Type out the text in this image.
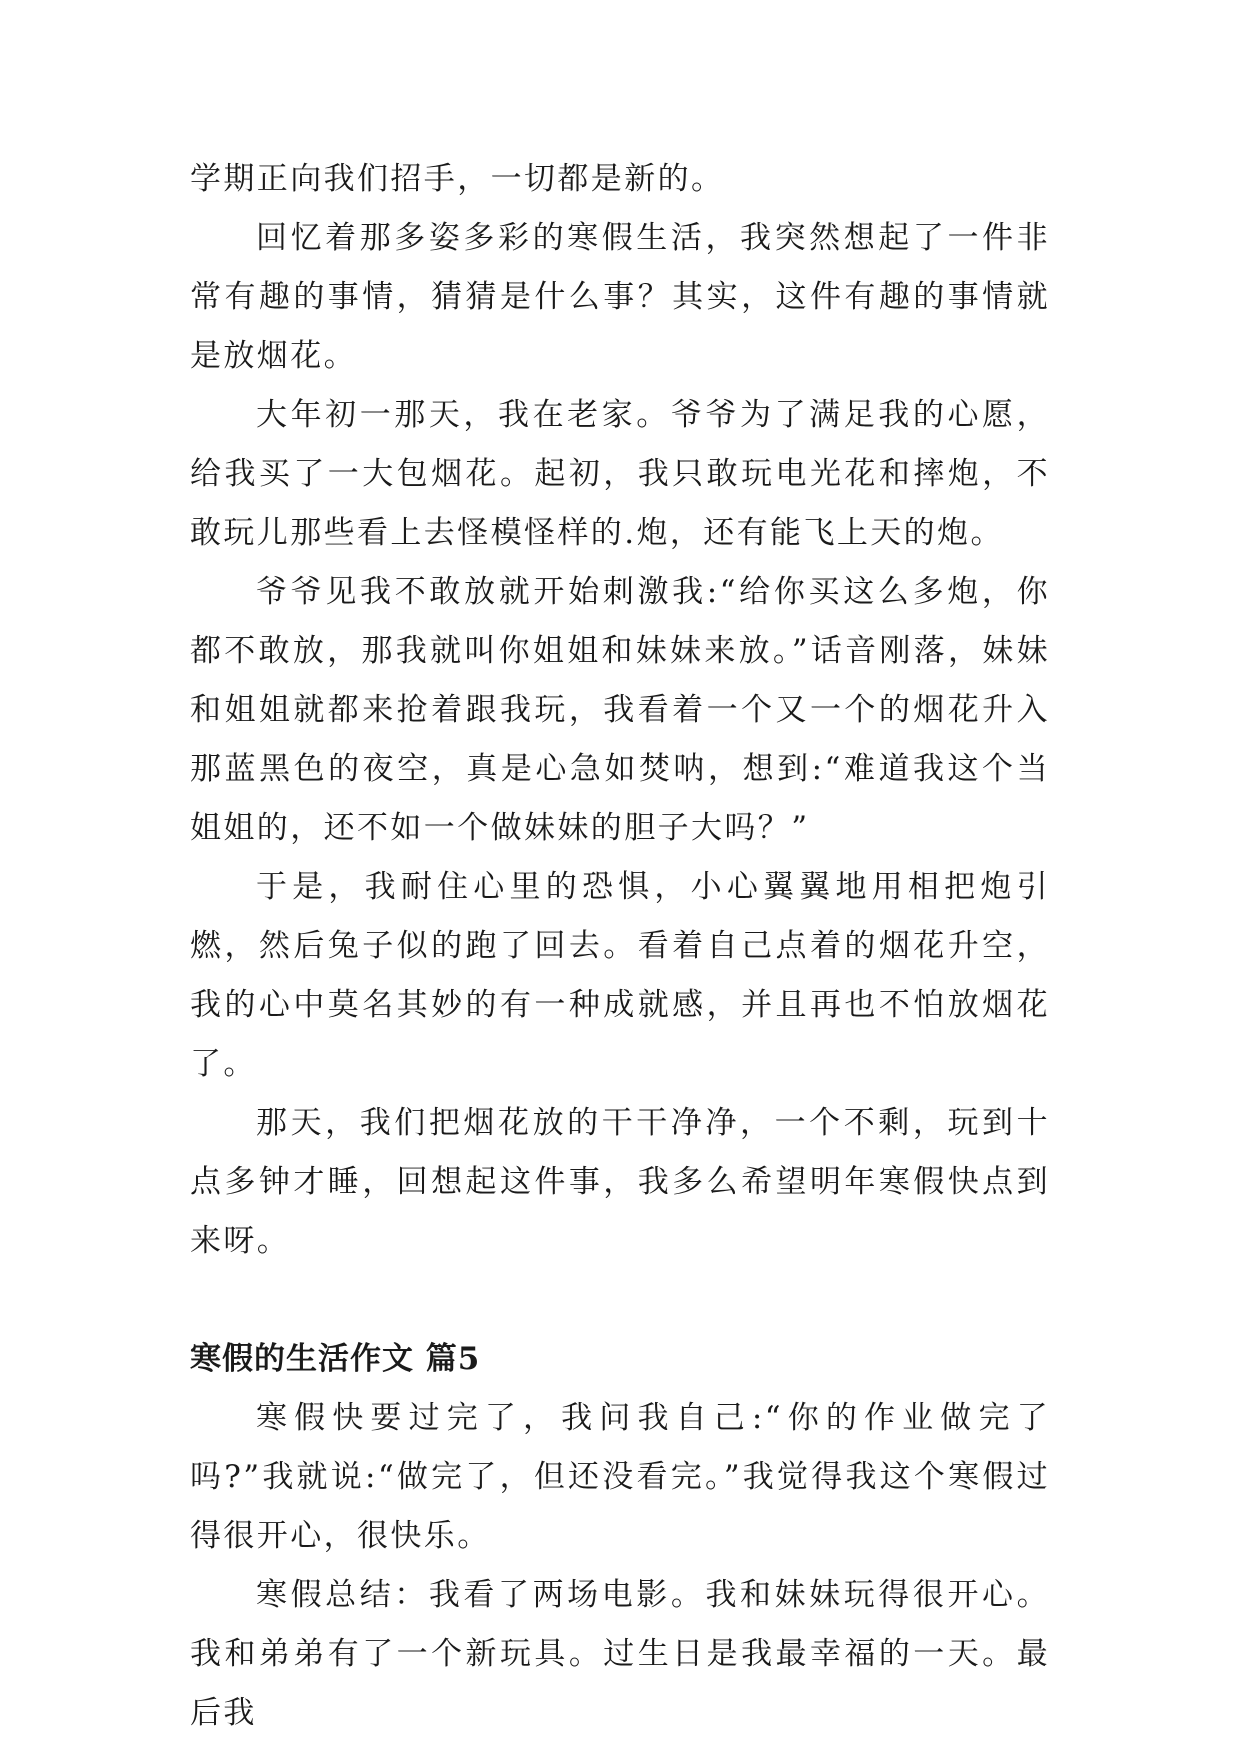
学期正向我们招手，一切都是新的。

回忆着那多姿多彩的寒假生活，我突然想起了一件非常有趣的事情，猜猜是什么事？其实，这件有趣的事情就是放烟花。

大年初一那天，我在老家。爷爷为了满足我的心愿，给我买了一大包烟花。起初，我只敢玩电光花和摔炮，不敢玩儿那些看上去怪模怪样的.炮，还有能飞上天的炮。

爷爷见我不敢放就开始刺激我:“给你买这么多炮，你都不敢放，那我就叫你姐姐和妹妹来放。”话音刚落，妹妹和姐姐就都来抢着跟我玩，我看着一个又一个的烟花升入那蓝黑色的夜空，真是心急如焚呐，想到:“难道我这个当姐姐的，还不如一个做妹妹的胆子大吗？”

于是，我耐住心里的恐惧，小心翼翼地用相把炮引燃，然后兔子似的跑了回去。看着自己点着的烟花升空，我的心中莫名其妙的有一种成就感，并且再也不怕放烟花了。

那天，我们把烟花放的干干净净，一个不剩，玩到十点多钟才睡，回想起这件事，我多么希望明年寒假快点到来呀。

寒假的生活作文 篇5

寒假快要过完了，我问我自己:“你的作业做完了吗?”我就说:“做完了，但还没看完。”我觉得我这个寒假过得很开心，很快乐。

寒假总结：我看了两场电影。我和妹妹玩得很开心。我和弟弟有了一个新玩具。过生日是我最幸福的一天。最后我
